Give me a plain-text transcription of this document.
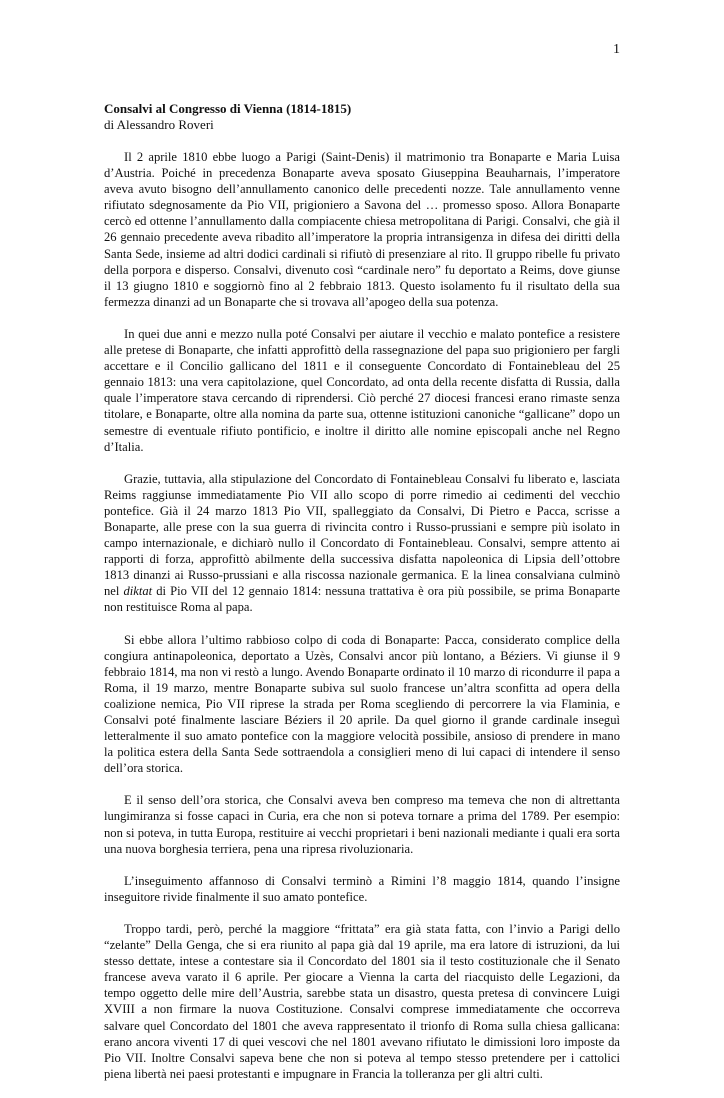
1

Consalvi al Congresso di Vienna (1814-1815)

di Alessandro Roveri

Il 2 aprile 1810 ebbe luogo a Parigi (Saint-Denis) il matrimonio tra Bonaparte e Maria Luisa d’Austria. Poiché in precedenza Bonaparte aveva sposato Giuseppina Beauharnais, l’imperatore aveva avuto bisogno dell’annullamento canonico delle precedenti nozze. Tale annullamento venne rifiutato sdegnosamente da Pio VII, prigioniero a Savona del … promesso sposo. Allora Bonaparte cercò ed ottenne l’annullamento dalla compiacente chiesa metropolitana di Parigi. Consalvi, che già il 26 gennaio precedente aveva ribadito all’imperatore la propria intransigenza in difesa dei diritti della Santa Sede, insieme ad altri dodici cardinali si rifiutò di presenziare al rito. Il gruppo ribelle fu privato della porpora e disperso. Consalvi, divenuto così “cardinale nero” fu deportato a Reims, dove giunse il 13 giugno 1810 e soggiornò fino al 2 febbraio 1813. Questo isolamento fu il risultato della sua fermezza dinanzi ad un Bonaparte che si trovava all’apogeo della sua potenza.

In quei due anni e mezzo nulla poté Consalvi per aiutare il vecchio e malato pontefice a resistere alle pretese di Bonaparte, che infatti approfittò della rassegnazione del papa suo prigioniero per fargli accettare e il Concilio gallicano del 1811 e il conseguente Concordato di Fontainebleau del 25 gennaio 1813: una vera capitolazione, quel Concordato, ad onta della recente disfatta di Russia, dalla quale l’imperatore stava cercando di riprendersi. Ciò perché 27 diocesi francesi erano rimaste senza titolare, e Bonaparte, oltre alla nomina da parte sua, ottenne istituzioni canoniche “gallicane” dopo un semestre di eventuale rifiuto pontificio, e inoltre il diritto alle nomine episcopali anche nel Regno d’Italia.

Grazie, tuttavia, alla stipulazione del Concordato di Fontainebleau Consalvi fu liberato e, lasciata Reims raggiunse immediatamente Pio VII allo scopo di porre rimedio ai cedimenti del vecchio pontefice. Già il 24 marzo 1813 Pio VII, spalleggiato da Consalvi, Di Pietro e Pacca, scrisse a Bonaparte, alle prese con la sua guerra di rivincita contro i Russo-prussiani e sempre più isolato in campo internazionale, e dichiarò nullo il Concordato di Fontainebleau. Consalvi, sempre attento ai rapporti di forza, approfittò abilmente della successiva disfatta napoleonica di Lipsia dell’ottobre 1813 dinanzi ai Russo-prussiani e alla riscossa nazionale germanica. E la linea consalviana culminò nel diktat di Pio VII del 12 gennaio 1814: nessuna trattativa è ora più possibile, se prima Bonaparte non restituisce Roma al papa.

Si ebbe allora l’ultimo rabbioso colpo di coda di Bonaparte: Pacca, considerato complice della congiura antinapoleonica, deportato a Uzès, Consalvi ancor più lontano, a Béziers. Vi giunse il 9 febbraio 1814, ma non vi restò a lungo. Avendo Bonaparte ordinato il 10 marzo di ricondurre il papa a Roma, il 19 marzo, mentre Bonaparte subiva sul suolo francese un’altra sconfitta ad opera della coalizione nemica, Pio VII riprese la strada per Roma scegliendo di percorrere la via Flaminia, e Consalvi poté finalmente lasciare Béziers il 20 aprile. Da quel giorno il grande cardinale inseguì letteralmente il suo amato pontefice con la maggiore velocità possibile, ansioso di prendere in mano la politica estera della Santa Sede sottraendola a consiglieri meno di lui capaci di intendere il senso dell’ora storica.

E il senso dell’ora storica, che Consalvi aveva ben compreso ma temeva che non di altrettanta lungimiranza si fosse capaci in Curia, era che non si poteva tornare a prima del 1789. Per esempio: non si poteva, in tutta Europa, restituire ai vecchi proprietari i beni nazionali mediante i quali era sorta una nuova borghesia terriera, pena una ripresa rivoluzionaria.

L’inseguimento affannoso di Consalvi terminò a Rimini l’8 maggio 1814, quando l’insigne inseguitore rivide finalmente il suo amato pontefice.

Troppo tardi, però, perché la maggiore “frittata” era già stata fatta, con l’invio a Parigi dello “zelante” Della Genga, che si era riunito al papa già dal 19 aprile, ma era latore di istruzioni, da lui stesso dettate, intese a contestare sia il Concordato del 1801 sia il testo costituzionale che il Senato francese aveva varato il 6 aprile. Per giocare a Vienna la carta del riacquisto delle Legazioni, da tempo oggetto delle mire dell’Austria, sarebbe stata un disastro, questa pretesa di convincere Luigi XVIII a non firmare la nuova Costituzione. Consalvi comprese immediatamente che occorreva salvare quel Concordato del 1801 che aveva rappresentato il trionfo di Roma sulla chiesa gallicana: erano ancora viventi 17 di quei vescovi che nel 1801 avevano rifiutato le dimissioni loro imposte da Pio VII. Inoltre Consalvi sapeva bene che non si poteva al tempo stesso pretendere per i cattolici piena libertà nei paesi protestanti e impugnare in Francia la tolleranza per gli altri culti.
